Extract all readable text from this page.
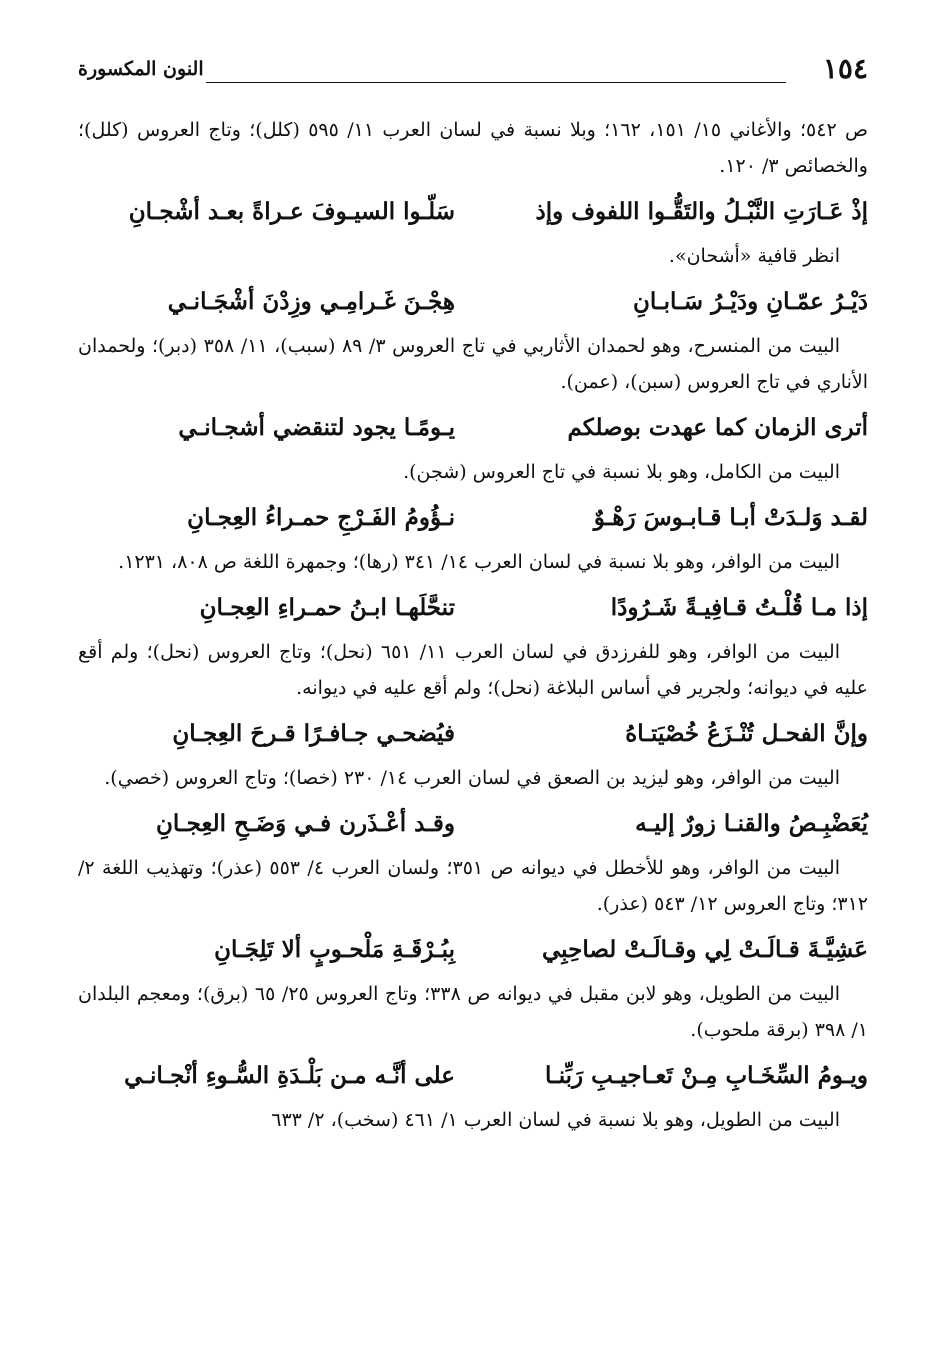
١٥٤
النون المكسورة

ص ٥٤٢؛ والأغاني ١٥/ ١٥١، ١٦٢؛ وبلا نسبة في لسان العرب ١١/ ٥٩٥ (كلل)؛ وتاج العروس (كلل)؛ والخصائص ٣/ ١٢٠.

إذْ عَـارَتِ النَّبْـلُ والتَقُّـوا اللفوف وإذ
سَلّـوا السيـوفَ عـراةً بعـد أشْجـانِ

انظر قافية «أشحان».

دَيْـرُ عمّـانِ ودَيْـرُ سَـابـانِ
هِجْـنَ غَـرامِـي وزِدْنَ أشْجَـانـي

البيت من المنسرح، وهو لحمدان الأثاربي في تاج العروس ٣/ ٨٩ (سبب)، ١١/ ٣٥٨ (دبر)؛ ولحمدان الأناري في تاج العروس (سبن)، (عمن).

أترى الزمان كما عهدت بوصلكم
يـومًـا يجود لتنقضي أشجـانـي

البيت من الكامل، وهو بلا نسبة في تاج العروس (شجن).

لقـد وَلـدَتْ أبـا قـابـوسَ رَهْـوٌ
نـؤُومُ الفَـرْجِ حمـراءُ العِجـانِ

البيت من الوافر، وهو بلا نسبة في لسان العرب ١٤/ ٣٤١ (رها)؛ وجمهرة اللغة ص ٨٠٨، ١٢٣١.

إذا مـا قُلْـتُ قـافِيـةً شَـرُودًا
تنحَّلَهـا ابـنُ حمـراءِ العِجـانِ

البيت من الوافر، وهو للفرزدق في لسان العرب ١١/ ٦٥١ (نحل)؛ وتاج العروس (نحل)؛ ولم أقع عليه في ديوانه؛ ولجرير في أساس البلاغة (نحل)؛ ولم أقع عليه في ديوانه.

وإنَّ الفحـل تُنْـزَعُ خُصْيَتـاهُ
فيُضحـي جـافـرًا قـرحَ العِجـانِ

البيت من الوافر، وهو ليزيد بن الصعق في لسان العرب ١٤/ ٢٣٠ (خصا)؛ وتاج العروس (خصي).

يُعَضْبِـصُ والقنـا زورٌ إليـه
وقـد أعْـذَرن فـي وَضَـحِ العِجـانِ

البيت من الوافر، وهو للأخطل في ديوانه ص ٣٥١؛ ولسان العرب ٤/ ٥٥٣ (عذر)؛ وتهذيب اللغة ٢/ ٣١٢؛ وتاج العروس ١٢/ ٥٤٣ (عذر).

عَشِيَّـةَ قـالَـتْ لِي وقـالَـتْ لصاحِبِي
بِبُـرْقَـةِ مَلْحـوبٍ ألا تَلِجَـانِ

البيت من الطويل، وهو لابن مقبل في ديوانه ص ٣٣٨؛ وتاج العروس ٢٥/ ٦٥ (برق)؛ ومعجم البلدان ١/ ٣٩٨ (برقة ملحوب).

ويـومُ السِّخَـابِ مِـنْ تَعـاجيـبِ رَبِّنـا
على أنَّـه مـن بَلْـدَةِ السُّـوءِ أنْجـانـي

البيت من الطويل، وهو بلا نسبة في لسان العرب ١/ ٤٦١ (سخب)، ٢/ ٦٣٣
